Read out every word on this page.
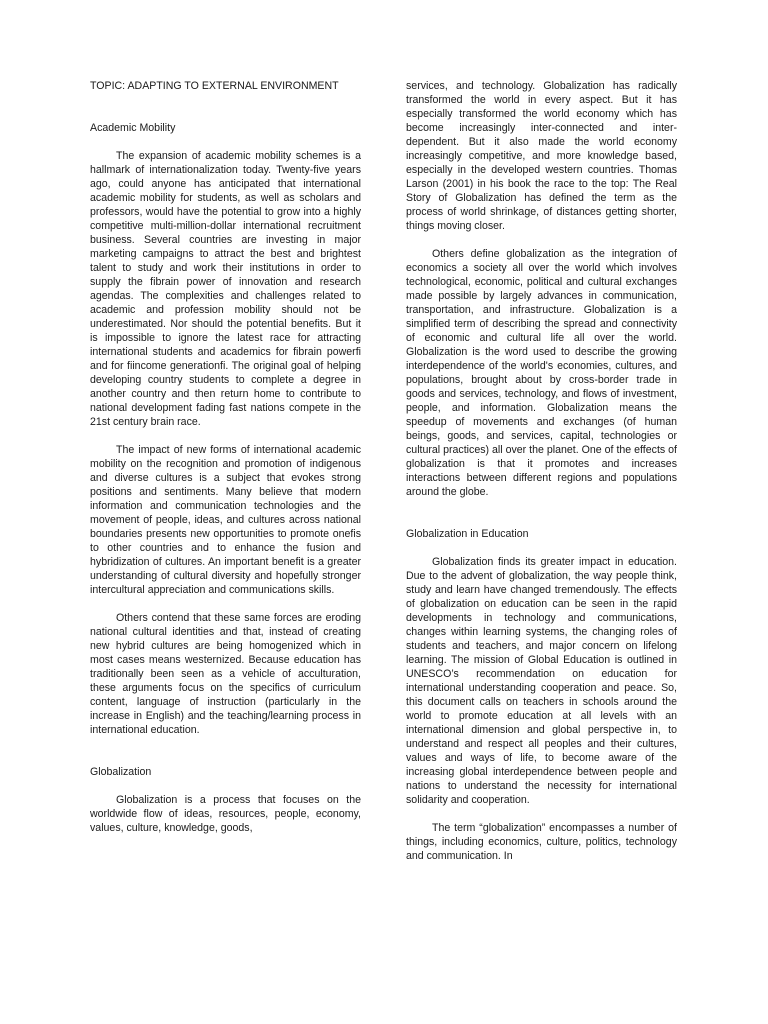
TOPIC: ADAPTING TO EXTERNAL ENVIRONMENT
Academic Mobility

The expansion of academic mobility schemes is a hallmark of internationalization today. Twenty-five years ago, could anyone has anticipated that international academic mobility for students, as well as scholars and professors, would have the potential to grow into a highly competitive multi-million-dollar international recruitment business. Several countries are investing in major marketing campaigns to attract the best and brightest talent to study and work their institutions in order to supply the fibrain power of innovation and research agendas. The complexities and challenges related to academic and profession mobility should not be underestimated. Nor should the potential benefits. But it is impossible to ignore the latest race for attracting international students and academics for fibrain powerfi and for fiincome generationfi. The original goal of helping developing country students to complete a degree in another country and then return home to contribute to national development fading fast nations compete in the 21st century brain race.

The impact of new forms of international academic mobility on the recognition and promotion of indigenous and diverse cultures is a subject that evokes strong positions and sentiments. Many believe that modern information and communication technologies and the movement of people, ideas, and cultures across national boundaries presents new opportunities to promote onefis to other countries and to enhance the fusion and hybridization of cultures. An important benefit is a greater understanding of cultural diversity and hopefully stronger intercultural appreciation and communications skills.

Others contend that these same forces are eroding national cultural identities and that, instead of creating new hybrid cultures are being homogenized which in most cases means westernized. Because education has traditionally been seen as a vehicle of acculturation, these arguments focus on the specifics of curriculum content, language of instruction (particularly in the increase in English) and the teaching/learning process in international education.

Globalization

Globalization is a process that focuses on the worldwide flow of ideas, resources, people, economy, values, culture, knowledge, goods,

services, and technology. Globalization has radically transformed the world in every aspect. But it has especially transformed the world economy which has become increasingly inter-connected and inter-dependent. But it also made the world economy increasingly competitive, and more knowledge based, especially in the developed western countries. Thomas Larson (2001) in his book the race to the top: The Real Story of Globalization has defined the term as the process of world shrinkage, of distances getting shorter, things moving closer.

Others define globalization as the integration of economics a society all over the world which involves technological, economic, political and cultural exchanges made possible by largely advances in communication, transportation, and infrastructure. Globalization is a simplified term of describing the spread and connectivity of economic and cultural life all over the world. Globalization is the word used to describe the growing interdependence of the world's economies, cultures, and populations, brought about by cross-border trade in goods and services, technology, and flows of investment, people, and information. Globalization means the speedup of movements and exchanges (of human beings, goods, and services, capital, technologies or cultural practices) all over the planet. One of the effects of globalization is that it promotes and increases interactions between different regions and populations around the globe.

Globalization in Education

Globalization finds its greater impact in education. Due to the advent of globalization, the way people think, study and learn have changed tremendously. The effects of globalization on education can be seen in the rapid developments in technology and communications, changes within learning systems, the changing roles of students and teachers, and major concern on lifelong learning. The mission of Global Education is outlined in UNESCO’s recommendation on education for international understanding cooperation and peace. So, this document calls on teachers in schools around the world to promote education at all levels with an international dimension and global perspective in, to understand and respect all peoples and their cultures, values and ways of life, to become aware of the increasing global interdependence between people and nations to understand the necessity for international solidarity and cooperation.

The term “globalization” encompasses a number of things, including economics, culture, politics, technology and communication. In
